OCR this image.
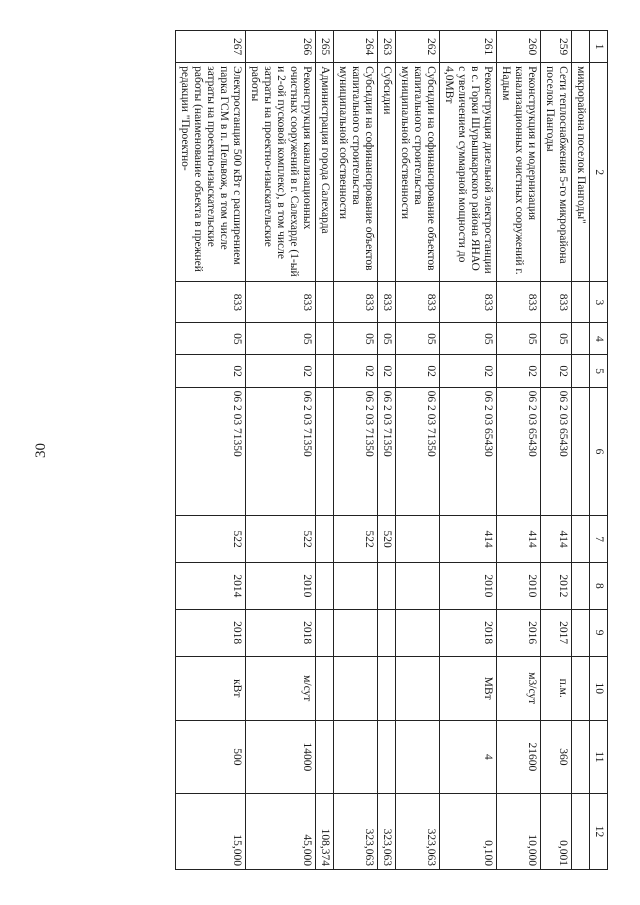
30
1	2	3	4	5	6	7	8	9	10	11	12
	микрорайона поселок Пангоды"										
259	Сети теплоснабжения 5-го микрорайона поселок Пангоды	833	05	02	06 2 03 65430	414	2012	2017	п.м.	360	0,001
260	Реконструкция и модернизация канализационных очистных сооружений г. Надым	833	05	02	06 2 03 65430	414	2010	2016	м3/сут	21600	10,000
261	Реконструкция дизельной электростанции в с. Горки Шурышкарского района ЯНАО с увеличением суммарной мощности до 4,0МВт	833	05	02	06 2 03 65430	414	2010	2018	МВт	4	0,100
262	Субсидии на софинансирование объектов капитального строительства муниципальной собственности	833	05	02	06 2 03 71350						323,063
263	Субсидии	833	05	02	06 2 03 71350	520					323,063
264	Субсидии на софинансирование объектов капитального строительства муниципальной собственности	833	05	02	06 2 03 71350	522					323,063
265	Администрация города Салехарда										108,374
266	Реконструкция канализационных очистных сооружений в г. Салехарде (1-ый и 2-ой пусковой комплекс), в том числе затраты на проектно-изыскательские работы	833	05	02	06 2 03 71350	522	2010	2018	м/сут	14000	45,000
267	Электростанция 500 кВт с расширением парка ГСМ в п. Пельвож, в том числе затраты на проектно-изыскательские работы (наименование объекта в прежней редакции "Проектно-	833	05	02	06 2 03 71350	522	2014	2018	кВт	500	15,000
